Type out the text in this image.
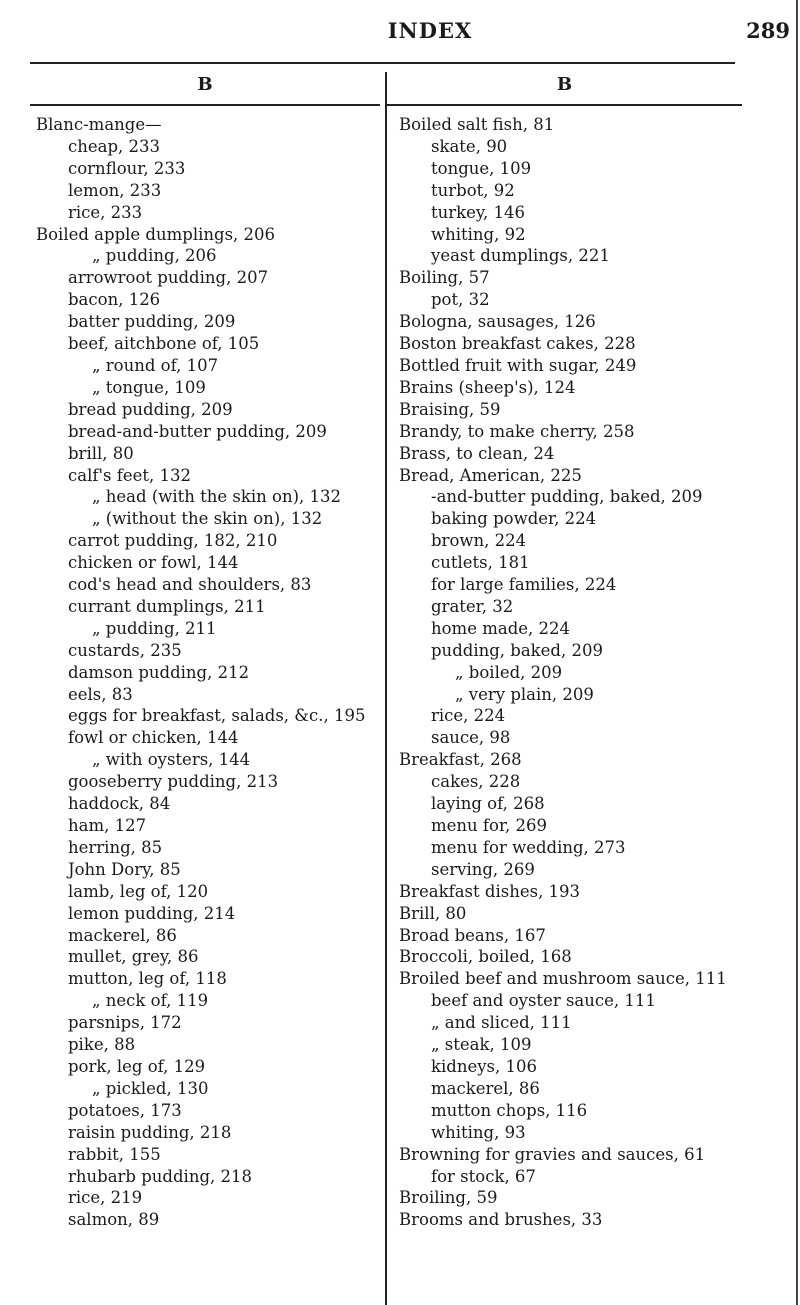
INDEX	289
B
Blanc-mange—
cheap, 233
cornflour, 233
lemon, 233
rice, 233
Boiled apple dumplings, 206
„ pudding, 206
arrowroot pudding, 207
bacon, 126
batter pudding, 209
beef, aitchbone of, 105
„ round of, 107
„ tongue, 109
bread pudding, 209
bread-and-butter pudding, 209
brill, 80
calf's feet, 132
„ head (with the skin on), 132
„ (without the skin on), 132
carrot pudding, 182, 210
chicken or fowl, 144
cod's head and shoulders, 83
currant dumplings, 211
„ pudding, 211
custards, 235
damson pudding, 212
eels, 83
eggs for breakfast, salads, &c., 195
fowl or chicken, 144
„ with oysters, 144
gooseberry pudding, 213
haddock, 84
ham, 127
herring, 85
John Dory, 85
lamb, leg of, 120
lemon pudding, 214
mackerel, 86
mullet, grey, 86
mutton, leg of, 118
„ neck of, 119
parsnips, 172
pike, 88
pork, leg of, 129
„ pickled, 130
potatoes, 173
raisin pudding, 218
rabbit, 155
rhubarb pudding, 218
rice, 219
salmon, 89
B
Boiled salt fish, 81
skate, 90
tongue, 109
turbot, 92
turkey, 146
whiting, 92
yeast dumplings, 221
Boiling, 57
pot, 32
Bologna, sausages, 126
Boston breakfast cakes, 228
Bottled fruit with sugar, 249
Brains (sheep's), 124
Braising, 59
Brandy, to make cherry, 258
Brass, to clean, 24
Bread, American, 225
-and-butter pudding, baked, 209
baking powder, 224
brown, 224
cutlets, 181
for large families, 224
grater, 32
home made, 224
pudding, baked, 209
„ boiled, 209
„ very plain, 209
rice, 224
sauce, 98
Breakfast, 268
cakes, 228
laying of, 268
menu for, 269
menu for wedding, 273
serving, 269
Breakfast dishes, 193
Brill, 80
Broad beans, 167
Broccoli, boiled, 168
Broiled beef and mushroom sauce, 111
beef and oyster sauce, 111
„ and sliced, 111
„ steak, 109
kidneys, 106
mackerel, 86
mutton chops, 116
whiting, 93
Browning for gravies and sauces, 61
for stock, 67
Broiling, 59
Brooms and brushes, 33
